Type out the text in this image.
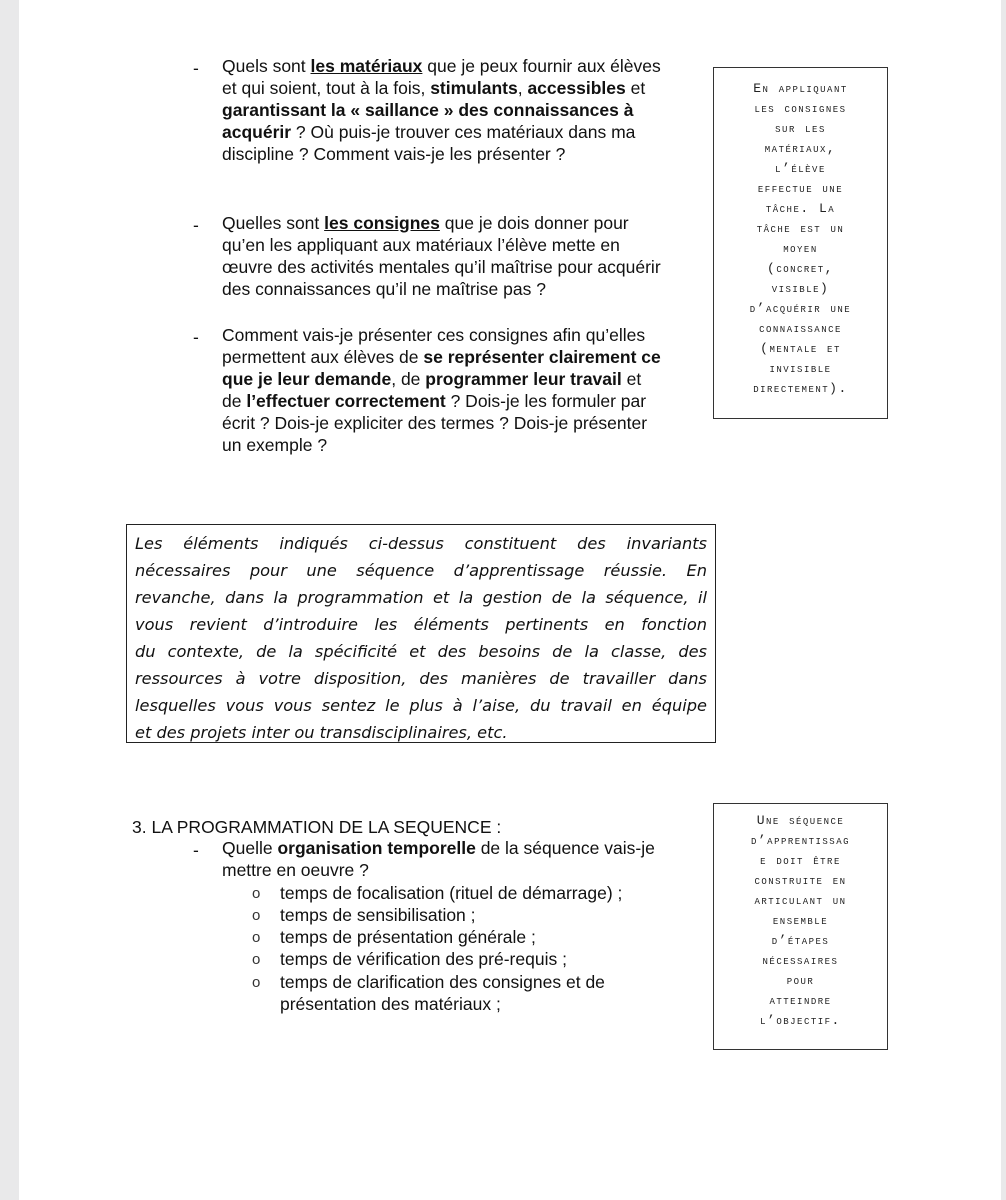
- Quels sont les matériaux que je peux fournir aux élèves
et qui soient, tout à la fois, stimulants, accessibles et
garantissant la « saillance » des connaissances à
acquérir ? Où puis-je trouver ces matériaux dans ma
discipline ? Comment vais-je les présenter ?
- Quelles sont les consignes que je dois donner pour
qu’en les appliquant aux matériaux l’élève mette en
œuvre des activités mentales qu’il maîtrise pour acquérir
des connaissances qu’il ne maîtrise pas ?
- Comment vais-je présenter ces consignes afin qu’elles
permettent aux élèves de se représenter clairement ce
que je leur demande, de programmer leur travail et
de l’effectuer correctement ? Dois-je les formuler par
écrit ? Dois-je expliciter des termes ? Dois-je présenter
un exemple ?
En appliquant
les consignes
sur les
matériaux,
l’élève
effectue une
tâche. La
tâche est un
moyen
(concret,
visible)
d’acquérir une
connaissance
(mentale et
invisible
directement).
Les éléments indiqués ci-dessus constituent des invariants
nécessaires pour une séquence d’apprentissage réussie. En
revanche, dans la programmation et la gestion de la séquence, il
vous revient d’introduire les éléments pertinents en fonction
du contexte, de la spécificité et des besoins de la classe, des
ressources à votre disposition, des manières de travailler dans
lesquelles vous vous sentez le plus à l’aise, du travail en équipe
et des projets inter ou transdisciplinaires, etc.
3. LA PROGRAMMATION DE LA SEQUENCE :
- Quelle organisation temporelle de la séquence vais-je
mettre en oeuvre ?
o temps de focalisation (rituel de démarrage) ;
o temps de sensibilisation ;
o temps de présentation générale ;
o temps de vérification des pré-requis ;
o temps de clarification des consignes et de
présentation des matériaux ;
Une séquence
d’apprentissag
e doit être
construite en
articulant un
ensemble
d’étapes
nécessaires
pour
atteindre
l’objectif.
